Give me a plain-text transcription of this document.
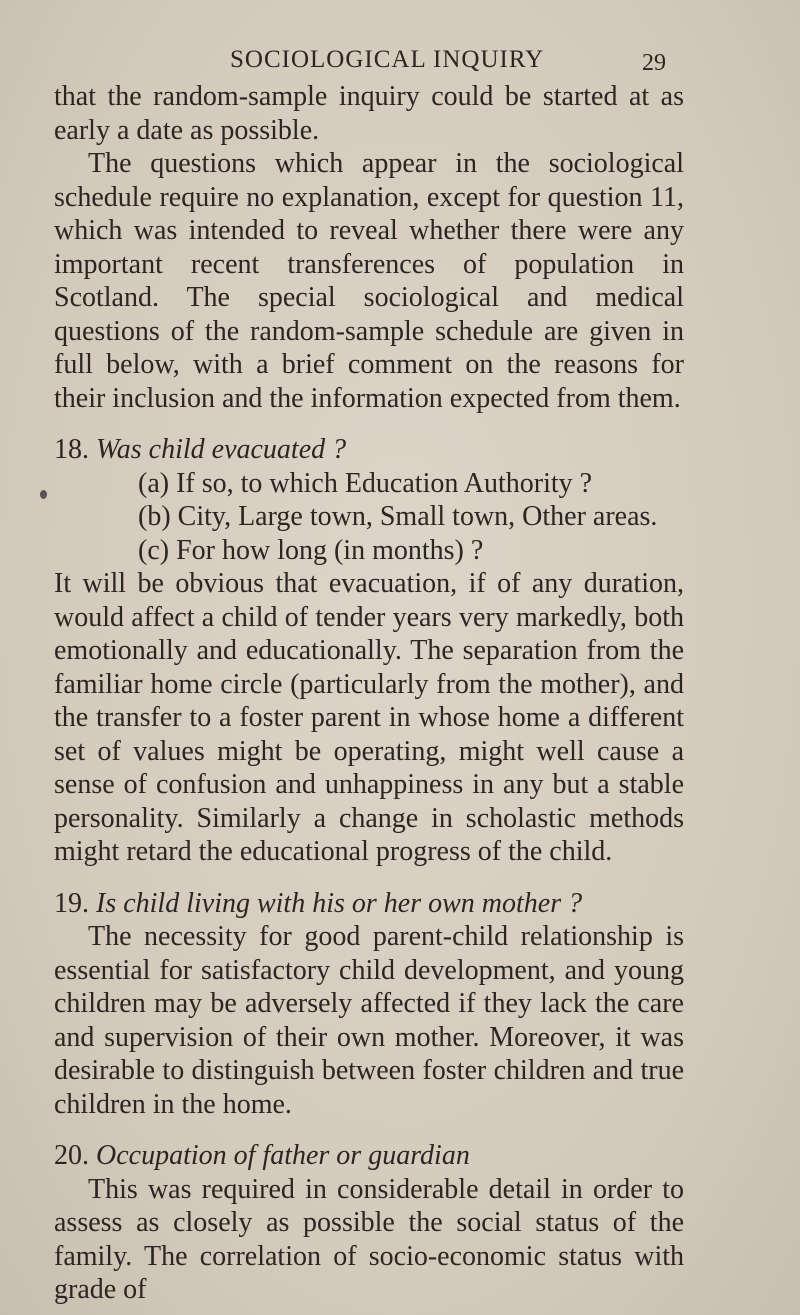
SOCIOLOGICAL INQUIRY	29

that the random-sample inquiry could be started at as early a date as possible.

The questions which appear in the sociological schedule require no explanation, except for question 11, which was intended to reveal whether there were any important recent transferences of population in Scotland. The special sociological and medical questions of the random-sample schedule are given in full below, with a brief comment on the reasons for their inclusion and the information expected from them.

18. Was child evacuated ?

(a) If so, to which Education Authority ?

(b) City, Large town, Small town, Other areas.

(c) For how long (in months) ?

It will be obvious that evacuation, if of any duration, would affect a child of tender years very markedly, both emotionally and educationally. The separation from the familiar home circle (particularly from the mother), and the transfer to a foster parent in whose home a different set of values might be operating, might well cause a sense of confusion and unhappiness in any but a stable personality. Similarly a change in scholastic methods might retard the educational progress of the child.

19. Is child living with his or her own mother ?

The necessity for good parent-child relationship is essential for satisfactory child development, and young children may be adversely affected if they lack the care and supervision of their own mother. Moreover, it was desirable to distinguish between foster children and true children in the home.

20. Occupation of father or guardian

This was required in considerable detail in order to assess as closely as possible the social status of the family. The correlation of socio-economic status with grade of
